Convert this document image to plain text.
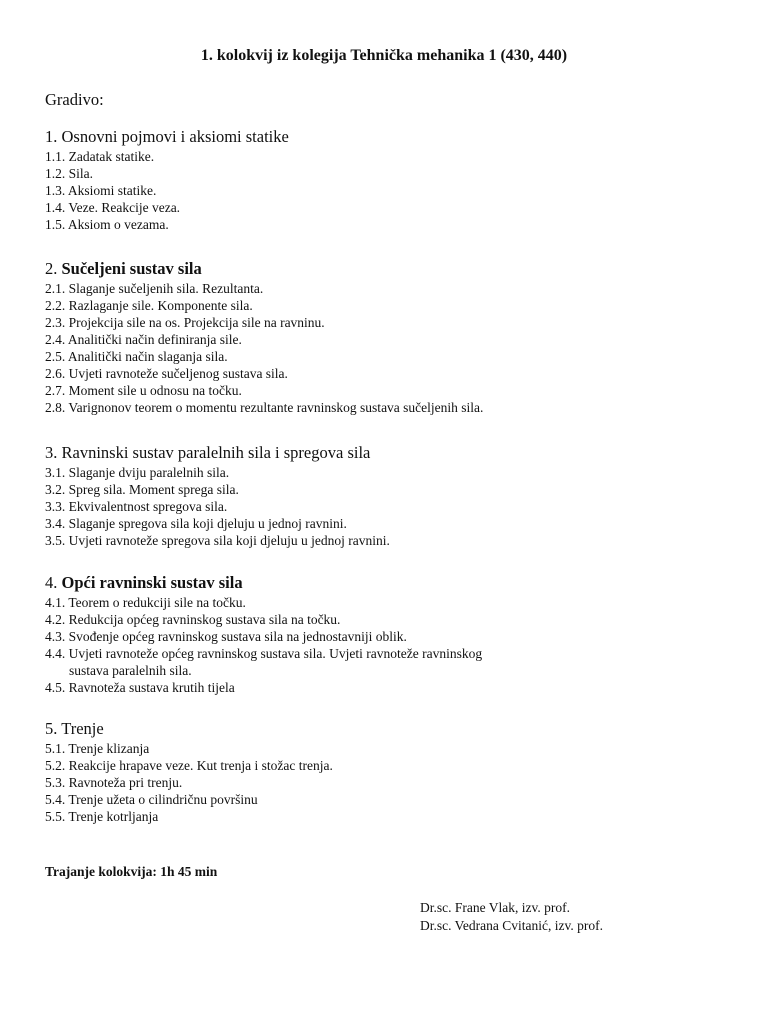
1. kolokvij iz kolegija Tehnička mehanika 1 (430, 440)
Gradivo:
1. Osnovni pojmovi i aksiomi statike
1.1. Zadatak statike.
1.2. Sila.
1.3. Aksiomi statike.
1.4. Veze. Reakcije veza.
1.5. Aksiom o vezama.
2. Sučeljeni sustav sila
2.1. Slaganje sučeljenih sila. Rezultanta.
2.2. Razlaganje sile. Komponente sila.
2.3. Projekcija sile na os. Projekcija sile na ravninu.
2.4. Analitički način definiranja sile.
2.5. Analitički način slaganja sila.
2.6. Uvjeti ravnoteže sučeljenog sustava sila.
2.7. Moment sile u odnosu na točku.
2.8. Varignonov teorem o momentu rezultante ravninskog sustava sučeljenih sila.
3. Ravninski sustav paralelnih sila i spregova sila
3.1. Slaganje dviju paralelnih sila.
3.2. Spreg sila. Moment sprega sila.
3.3. Ekvivalentnost spregova sila.
3.4. Slaganje spregova sila koji djeluju u jednoj ravnini.
3.5. Uvjeti ravnoteže spregova sila koji djeluju u jednoj ravnini.
4. Opći ravninski sustav sila
4.1. Teorem o redukciji sile na točku.
4.2. Redukcija općeg ravninskog sustava sila na točku.
4.3. Svođenje općeg ravninskog sustava sila na jednostavniji oblik.
4.4. Uvjeti ravnoteže općeg ravninskog sustava sila. Uvjeti ravnoteže ravninskog
sustava paralelnih sila.
4.5. Ravnoteža sustava krutih tijela
5. Trenje
5.1. Trenje klizanja
5.2. Reakcije hrapave veze. Kut trenja i stožac trenja.
5.3. Ravnoteža pri trenju.
5.4. Trenje užeta o cilindričnu površinu
5.5. Trenje kotrljanja
Trajanje kolokvija: 1h 45 min
Dr.sc. Frane Vlak, izv. prof.
Dr.sc. Vedrana Cvitanić, izv. prof.
